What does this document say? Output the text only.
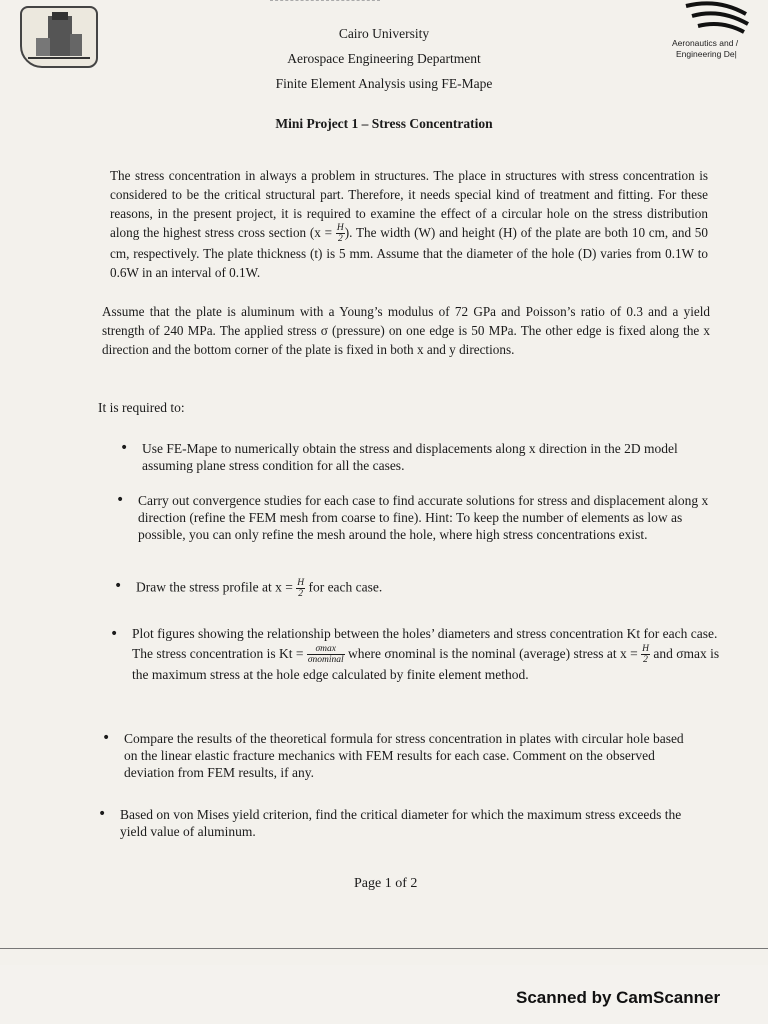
Aeronautics and /
Engineering De|
Cairo University
Aerospace Engineering Department
Finite Element Analysis using FE-Mape
Mini Project 1 – Stress Concentration
The stress concentration in always a problem in structures. The place in structures with stress concentration is considered to be the critical structural part. Therefore, it needs special kind of treatment and fitting. For these reasons, in the present project, it is required to examine the effect of a circular hole on the stress distribution along the highest stress cross section ($x = \frac{H}{2}$ ). The width (W) and height (H) of the plate are both 10 cm, and 50 cm, respectively. The plate thickness (t) is 5 mm. Assume that the diameter of the hole (D) varies from 0.1W to 0.6W in an interval of 0.1W.
Assume that the plate is aluminum with a Young’s modulus of 72 GPa and Poisson’s ratio of 0.3 and a yield strength of 240 MPa. The applied stress σ (pressure) on one edge is 50 MPa. The other edge is fixed along the x direction and the bottom corner of the plate is fixed in both x and y directions.
It is required to:
• Use FE-Mape to numerically obtain the stress and displacements along x direction in the 2D model assuming plane stress condition for all the cases.
• Carry out convergence studies for each case to find accurate solutions for stress and displacement along x direction (refine the FEM mesh from coarse to fine). Hint: To keep the number of elements as low as possible, you can only refine the mesh around the hole, where high stress concentrations exist.
• Draw the stress profile at $x = \frac{H}{2}$ for each case.
• Plot figures showing the relationship between the holes’ diameters and stress concentration Kt for each case. The stress concentration is $Kt = \frac{\sigma\max}{\text{σnominal}}$ where σnominal is the nominal (average) stress at $x = \frac{H}{2}$ and σmax is the maximum stress at the hole edge calculated by finite element method.
• Compare the results of the theoretical formula for stress concentration in plates with circular hole based on the linear elastic fracture mechanics with FEM results for each case. Comment on the observed deviation from FEM results, if any.
• Based on von Mises yield criterion, find the critical diameter for which the maximum stress exceeds the yield value of aluminum.
Page 1 of 2
Scanned by CamScanner
